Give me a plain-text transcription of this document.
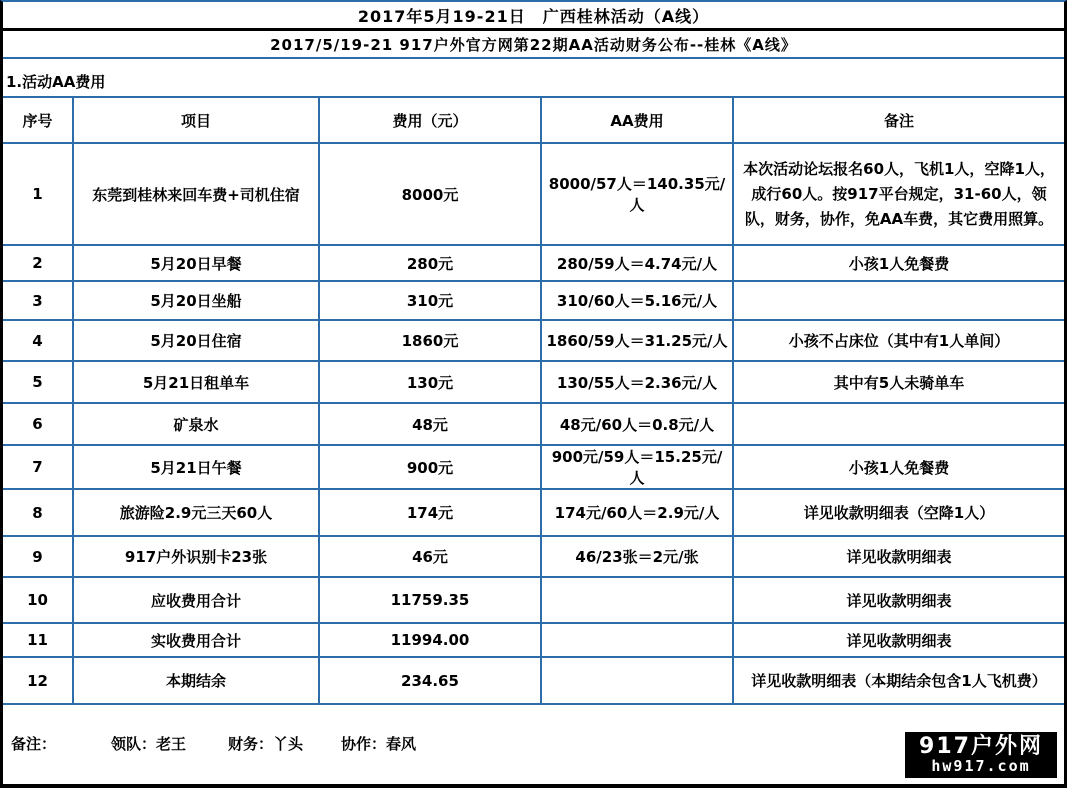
2017年5月19-21日　广西桂林活动（A线）
2017/5/19-21 917户外官方网第22期AA活动财务公布--桂林《A线》
1.活动AA费用
序号	项目	费用（元）	AA费用	备注
1	东莞到桂林来回车费+司机住宿	8000元	8000/57人＝140.35元/人	本次活动论坛报名60人，飞机1人，空降1人，成行60人。按917平台规定，31-60人，领队，财务，协作，免AA车费，其它费用照算。
2	5月20日早餐	280元	280/59人＝4.74元/人	小孩1人免餐费
3	5月20日坐船	310元	310/60人＝5.16元/人	
4	5月20日住宿	1860元	1860/59人＝31.25元/人	小孩不占床位（其中有1人单间）
5	5月21日租单车	130元	130/55人＝2.36元/人	其中有5人未骑单车
6	矿泉水	48元	48元/60人＝0.8元/人	
7	5月21日午餐	900元	900元/59人＝15.25元/人	小孩1人免餐费
8	旅游险2.9元三天60人	174元	174元/60人＝2.9元/人	详见收款明细表（空降1人）
9	917户外识别卡23张	46元	46/23张＝2元/张	详见收款明细表
10	应收费用合计	11759.35		详见收款明细表
11	实收费用合计	11994.00		详见收款明细表
12	本期结余	234.65		详见收款明细表（本期结余包含1人飞机费）
备注：	领队：老王	财务：丫头	协作：春风	917户外网
hw917.com
